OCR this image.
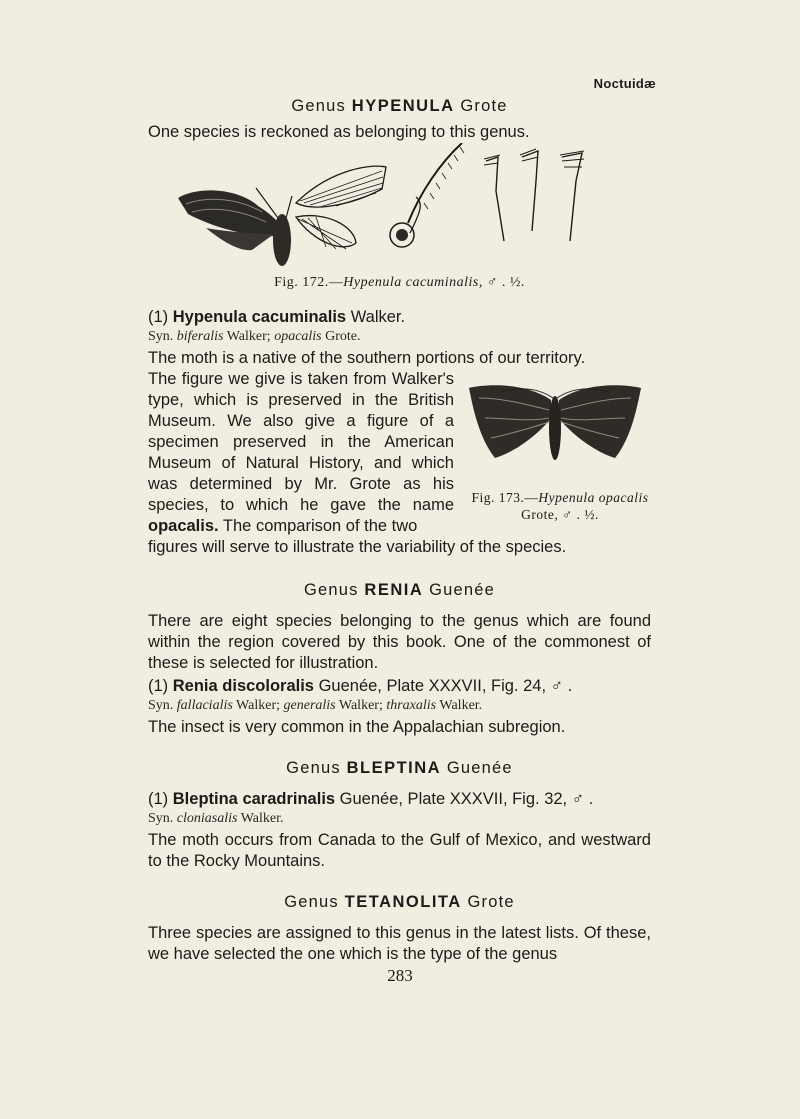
Noctuidæ

Genus HYPENULA Grote

One species is reckoned as belonging to this genus.

Fig. 172.—Hypenula cacuminalis, ♂ . ½.

(1) Hypenula cacuminalis Walker.

Syn. biferalis Walker; opacalis Grote.

The moth is a native of the southern portions of our territory.

The figure we give is taken from Walker's

type, which is preserved in the British

Museum. We also give a figure of a

specimen preserved in the American

Museum of Natural History, and which

was determined by Mr. Grote as his

species, to which he gave the name

opacalis. The comparison of the two

figures will serve to illustrate the variability of the species.

Fig. 173.—Hypenula opacalis Grote, ♂ . ½.

Genus RENIA Guenée

There are eight species belonging to the genus which are found within the region covered by this book. One of the commonest of these is selected for illustration.

(1) Renia discoloralis Guenée, Plate XXXVII, Fig. 24, ♂ .

Syn. fallacialis Walker; generalis Walker; thraxalis Walker.

The insect is very common in the Appalachian subregion.

Genus BLEPTINA Guenée

(1) Bleptina caradrinalis Guenée, Plate XXXVII, Fig. 32, ♂ .

Syn. cloniasalis Walker.

The moth occurs from Canada to the Gulf of Mexico, and westward to the Rocky Mountains.

Genus TETANOLITA Grote

Three species are assigned to this genus in the latest lists. Of these, we have selected the one which is the type of the genus

283
